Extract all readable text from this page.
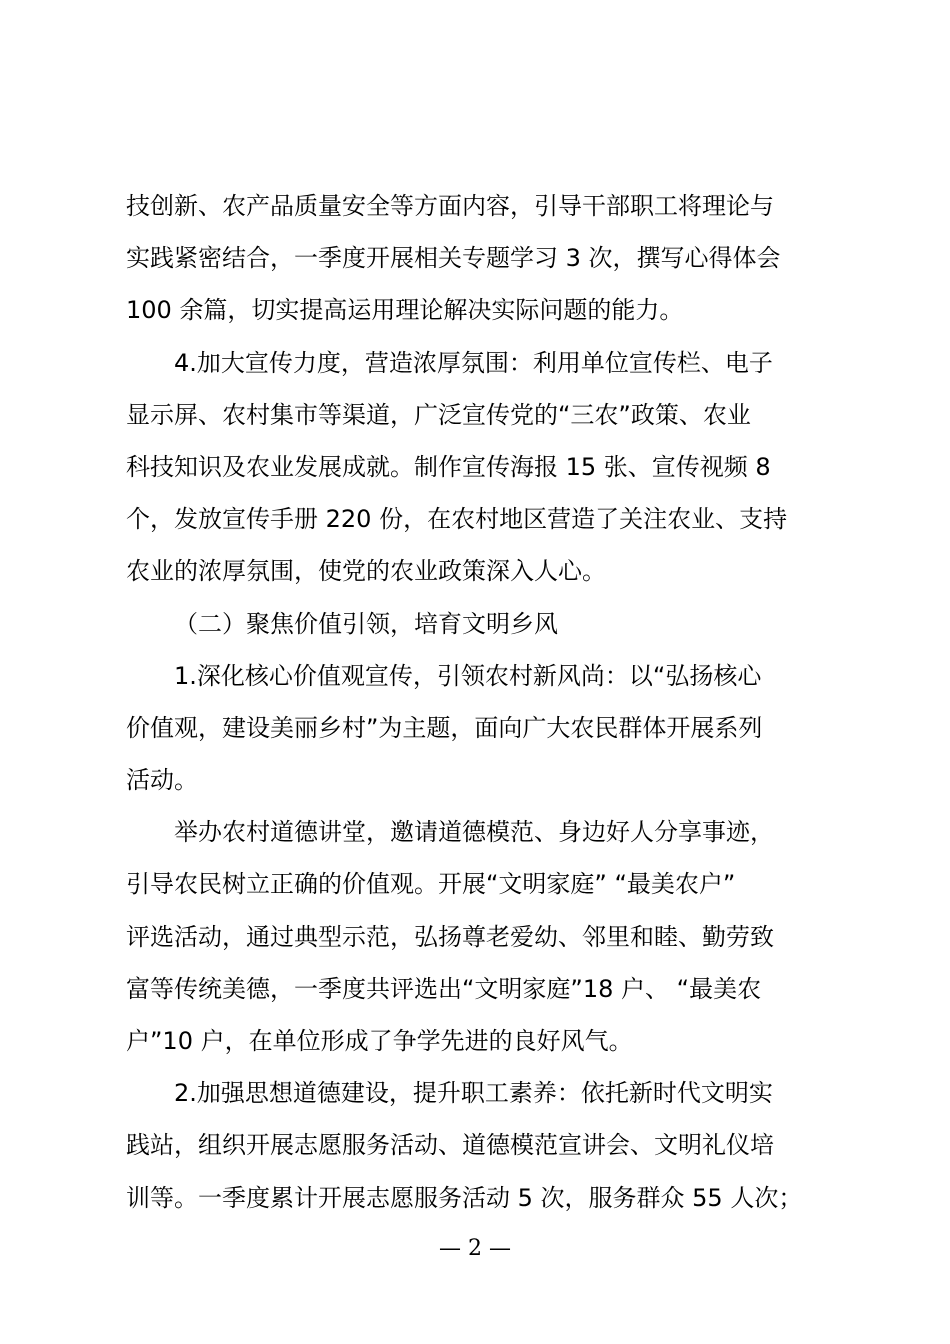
技创新、农产品质量安全等方面内容，引导干部职工将理论与
实践紧密结合，一季度开展相关专题学习 3 次，撰写心得体会
100 余篇，切实提高运用理论解决实际问题的能力。
4.加大宣传力度，营造浓厚氛围：利用单位宣传栏、电子
显示屏、农村集市等渠道，广泛宣传党的“三农”政策、农业
科技知识及农业发展成就。制作宣传海报 15 张、宣传视频 8
个，发放宣传手册 220 份，在农村地区营造了关注农业、支持
农业的浓厚氛围，使党的农业政策深入人心。
（二）聚焦价值引领，培育文明乡风
1.深化核心价值观宣传，引领农村新风尚：以“弘扬核心
价值观，建设美丽乡村”为主题，面向广大农民群体开展系列
活动。
举办农村道德讲堂，邀请道德模范、身边好人分享事迹，
引导农民树立正确的价值观。开展“文明家庭” “最美农户”
评选活动，通过典型示范，弘扬尊老爱幼、邻里和睦、勤劳致
富等传统美德，一季度共评选出“文明家庭”18 户、 “最美农
户”10 户，在单位形成了争学先进的良好风气。
2.加强思想道德建设，提升职工素养：依托新时代文明实
践站，组织开展志愿服务活动、道德模范宣讲会、文明礼仪培
训等。一季度累计开展志愿服务活动 5 次，服务群众 55 人次；
— 2 —
